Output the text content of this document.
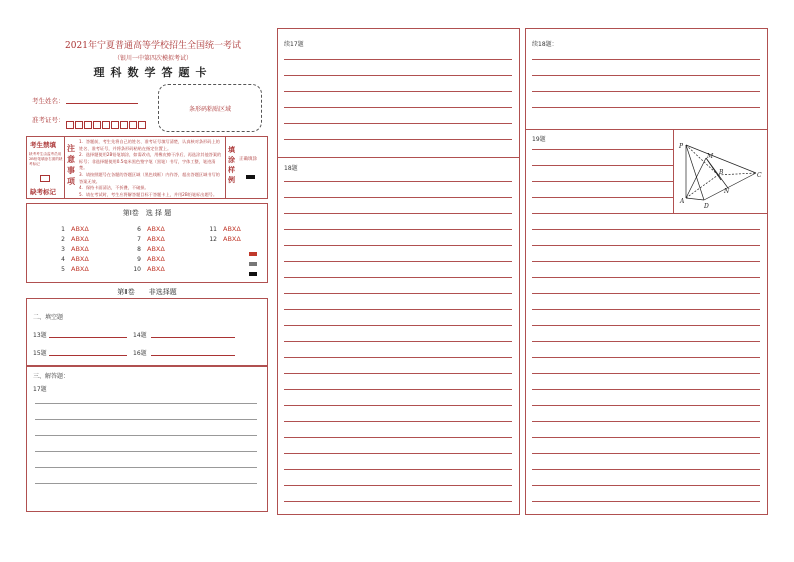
2021年宁夏普通高等学校招生全国统一考试
（银川一中第四次模拟考试）
理科数学答题卡
考生姓名：
准考证号：
条形码粘贴区域
考生禁填
缺考考生由监考员用2B铅笔填涂右面的缺考标记
缺考标记
注意事项
1．答题前，考生先将自己的姓名、准考证号填写清楚，认真核对条形码上的姓名、准考证号，并将条形码粘贴在指定位置上。
2．选择题使用2B铅笔填涂，如需改动，用橡皮擦干净后，再选涂其他答案的标号；非选择题使用0.5毫米黑色签字笔（黑笔）书写，字体工整，笔迹清楚。
3．请按照题号在各题的答题区域（黑色线框）内作答，超出答题区域书写的答案无效。
4．保持卡面清洁，不折叠，不破损。
5．请在考试时，考生应将解答题目标于答题卡上，并用2B铅笔标出题号。
填涂样例
正确填涂
第Ⅰ卷　选 择 题
1 ABXΔ
2 ABXΔ
3 ABXΔ
4 ABXΔ
5 ABXΔ
6 ABXΔ
7 ABXΔ
8 ABXΔ
9 ABXΔ
10 ABXΔ
11 ABXΔ
12 ABXΔ
第Ⅱ卷　　非选择题
二、填空题
13题	14题
15题	16题
三、解答题：
17题
续17题
18题
续18题：
19题
P
M
B
A
D
N
C
